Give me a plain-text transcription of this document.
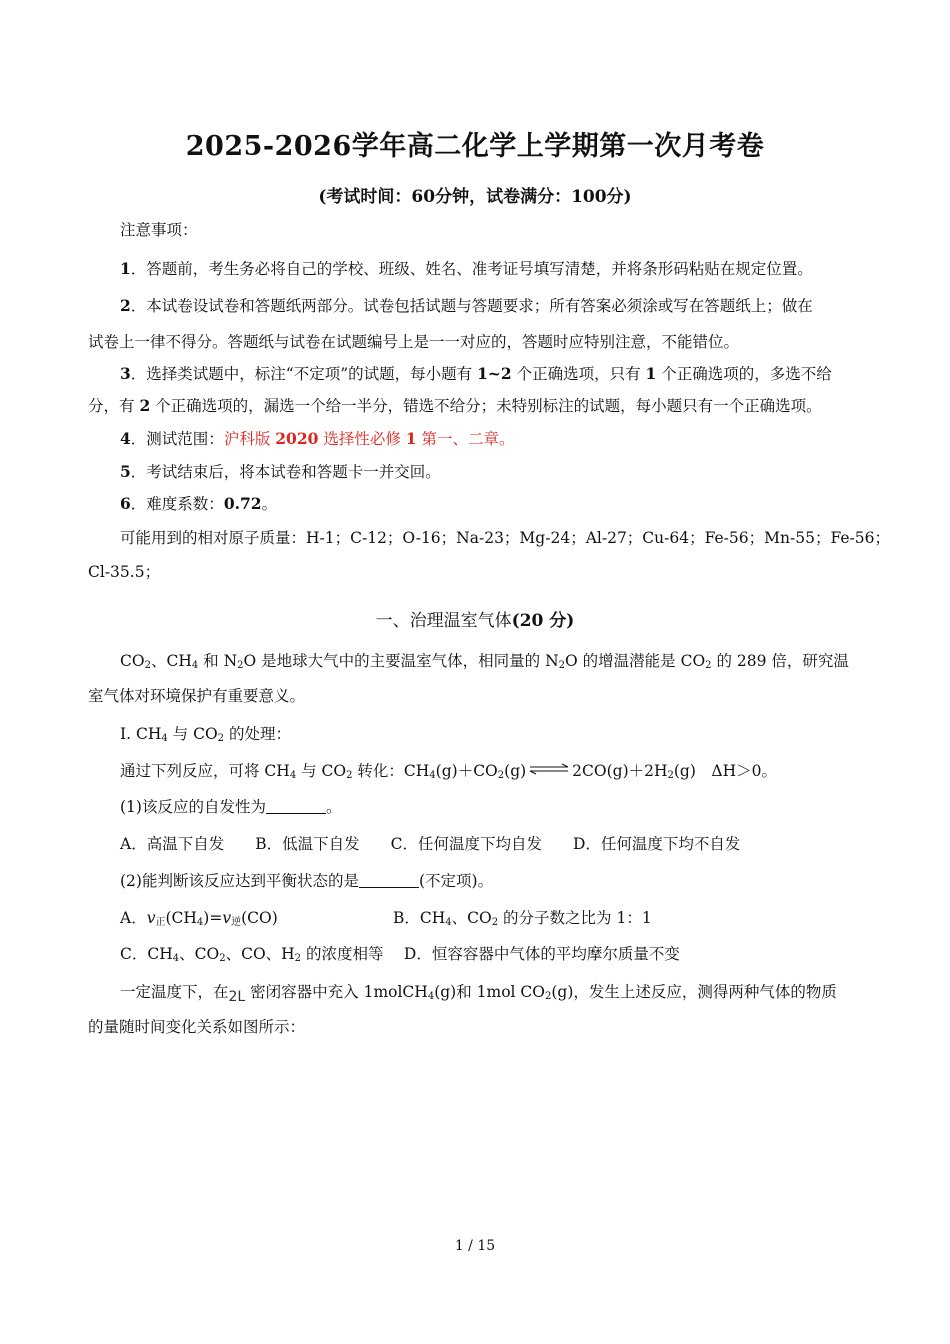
2025-2026学年高二化学上学期第一次月考卷
(考试时间：60分钟，试卷满分：100分)
注意事项：
1．答题前，考生务必将自己的学校、班级、姓名、准考证号填写清楚，并将条形码粘贴在规定位置。
2．本试卷设试卷和答题纸两部分。试卷包括试题与答题要求；所有答案必须涂或写在答题纸上；做在
试卷上一律不得分。答题纸与试卷在试题编号上是一一对应的，答题时应特别注意，不能错位。
3．选择类试题中，标注“不定项”的试题，每小题有 1~2 个正确选项，只有 1 个正确选项的，多选不给
分，有 2 个正确选项的，漏选一个给一半分，错选不给分；未特别标注的试题，每小题只有一个正确选项。
4．测试范围：沪科版 2020 选择性必修 1 第一、二章。
5．考试结束后，将本试卷和答题卡一并交回。
6．难度系数：0.72。
可能用到的相对原子质量：H-1；C-12；O-16；Na-23；Mg-24；Al-27；Cu-64；Fe-56；Mn-55；Fe-56；
Cl-35.5；
一、治理温室气体(20 分)
$CO_2$、$CH_4$ 和 $N_2O$ 是地球大气中的主要温室气体，相同量的 $N_2O$ 的增温潜能是 $CO_2$ 的 289 倍，研究温
室气体对环境保护有重要意义。
I. $CH_4$ 与 $CO_2$ 的处理：
通过下列反应，可将 $CH_4$ 与 $CO_2$ 转化：$CH_4(g)+CO_2(g)$ ⇌ $2CO(g)+2H_2(g)$　ΔH＞0。
(1)该反应的自发性为	。
A．高温下自发　　B．低温下自发　　C．任何温度下均自发　　D．任何温度下均不自发
(2)能判断该反应达到平衡状态的是	(不定项)。
A．$v_正(CH_4)=v_逆(CO)$	B．$CH_4$、$CO_2$ 的分子数之比为 1：1
C．$CH_4$、$CO_2$、CO、$H_2$ 的浓度相等　 D．恒容容器中气体的平均摩尔质量不变
一定温度下，在2L 密闭容器中充入 1molCH$_4$(g)和 1mol $CO_2(g)$，发生上述反应，测得两种气体的物质
的量随时间变化关系如图所示：
1 / 15
